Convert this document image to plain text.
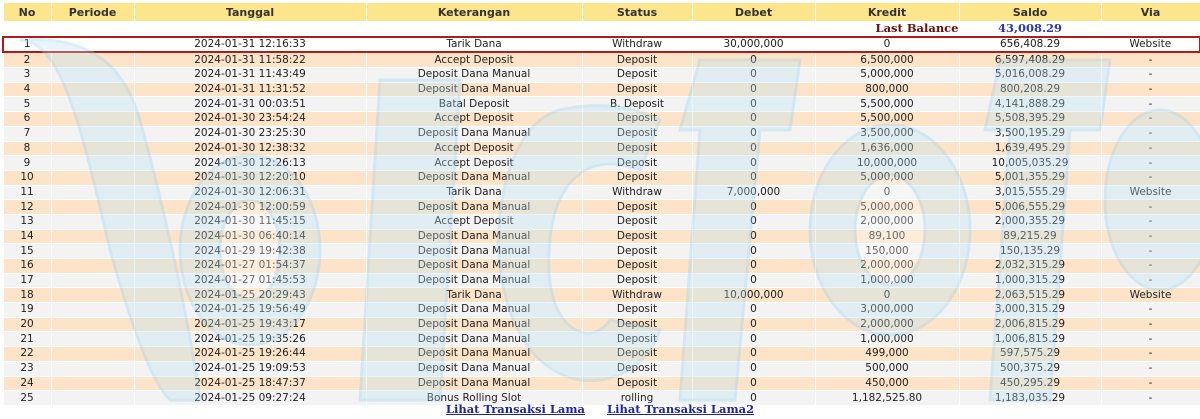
No	Periode	Tanggal	Keterangan	Status	Debet	Kredit	Saldo	Via
						Last Balance	43,008.29	
1		2024-01-31 12:16:33	Tarik Dana	Withdraw	30,000,000	0	656,408.29	Website
2		2024-01-31 11:58:22	Accept Deposit	Deposit	0	6,500,000	6,597,408.29	-
3		2024-01-31 11:43:49	Deposit Dana Manual	Deposit	0	5,000,000	5,016,008.29	-
4		2024-01-31 11:31:52	Deposit Dana Manual	Deposit	0	800,000	800,208.29	-
5		2024-01-31 00:03:51	Batal Deposit	B. Deposit	0	5,500,000	4,141,888.29	-
6		2024-01-30 23:54:24	Accept Deposit	Deposit	0	5,500,000	5,508,395.29	-
7		2024-01-30 23:25:30	Deposit Dana Manual	Deposit	0	3,500,000	3,500,195.29	-
8		2024-01-30 12:38:32	Accept Deposit	Deposit	0	1,636,000	1,639,495.29	-
9		2024-01-30 12:26:13	Accept Deposit	Deposit	0	10,000,000	10,005,035.29	-
10		2024-01-30 12:20:10	Deposit Dana Manual	Deposit	0	5,000,000	5,001,355.29	-
11		2024-01-30 12:06:31	Tarik Dana	Withdraw	7,000,000	0	3,015,555.29	Website
12		2024-01-30 12:00:59	Deposit Dana Manual	Deposit	0	5,000,000	5,006,555.29	-
13		2024-01-30 11:45:15	Accept Deposit	Deposit	0	2,000,000	2,000,355.29	-
14		2024-01-30 06:40:14	Deposit Dana Manual	Deposit	0	89,100	89,215.29	-
15		2024-01-29 19:42:38	Deposit Dana Manual	Deposit	0	150,000	150,135.29	-
16		2024-01-27 01:54:37	Deposit Dana Manual	Deposit	0	2,000,000	2,032,315.29	-
17		2024-01-27 01:45:53	Deposit Dana Manual	Deposit	0	1,000,000	1,000,315.29	-
18		2024-01-25 20:29:43	Tarik Dana	Withdraw	10,000,000	0	2,063,515.29	Website
19		2024-01-25 19:56:49	Deposit Dana Manual	Deposit	0	3,000,000	3,000,315.29	-
20		2024-01-25 19:43:17	Deposit Dana Manual	Deposit	0	2,000,000	2,006,815.29	-
21		2024-01-25 19:35:26	Deposit Dana Manual	Deposit	0	1,000,000	1,006,815.29	-
22		2024-01-25 19:26:44	Deposit Dana Manual	Deposit	0	499,000	597,575.29	-
23		2024-01-25 19:09:53	Deposit Dana Manual	Deposit	0	500,000	500,375.29	-
24		2024-01-25 18:47:37	Deposit Dana Manual	Deposit	0	450,000	450,295.29	-
25		2024-01-25 09:27:24	Bonus Rolling Slot	rolling	0	1,182,525.80	1,183,035.29	-
Lihat Transaksi Lama Lihat Transaksi Lama2
